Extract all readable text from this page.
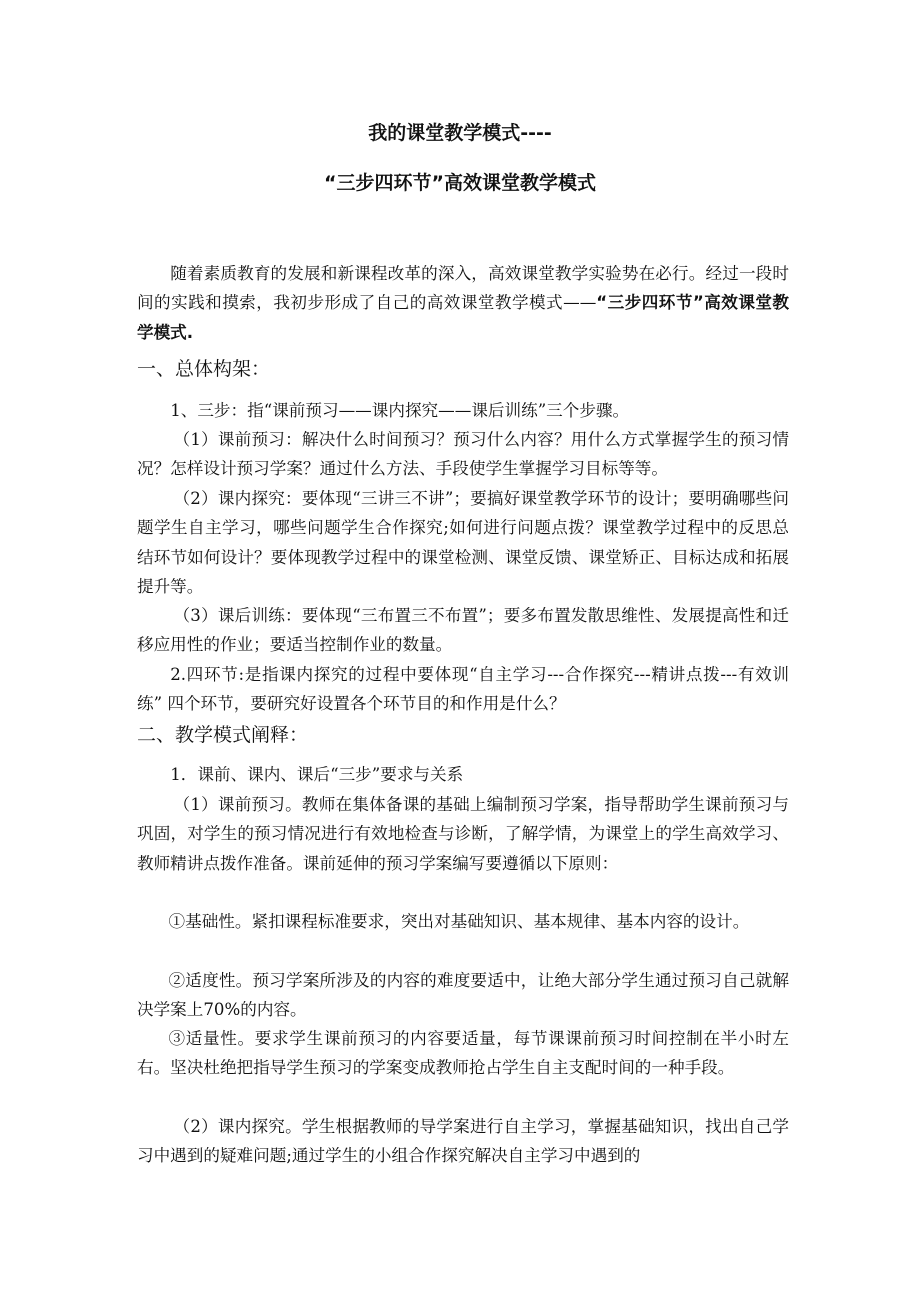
我的课堂教学模式----
“三步四环节”高效课堂教学模式

随着素质教育的发展和新课程改革的深入，高效课堂教学实验势在必行。经过一段时间的实践和摸索，我初步形成了自己的高效课堂教学模式——“三步四环节”高效课堂教学模式.

一、总体构架：

1、三步：指“课前预习——课内探究——课后训练”三个步骤。

（1）课前预习：解决什么时间预习？预习什么内容？用什么方式掌握学生的预习情况？怎样设计预习学案？通过什么方法、手段使学生掌握学习目标等等。

（2）课内探究：要体现“三讲三不讲”；要搞好课堂教学环节的设计；要明确哪些问题学生自主学习，哪些问题学生合作探究;如何进行问题点拨？课堂教学过程中的反思总结环节如何设计？要体现教学过程中的课堂检测、课堂反馈、课堂矫正、目标达成和拓展提升等。

（3）课后训练：要体现“三布置三不布置”；要多布置发散思维性、发展提高性和迁移应用性的作业；要适当控制作业的数量。

2.四环节:是指课内探究的过程中要体现“自主学习---合作探究---精讲点拨---有效训练” 四个环节，要研究好设置各个环节目的和作用是什么？

二、教学模式阐释：

1．课前、课内、课后“三步”要求与关系

（1）课前预习。教师在集体备课的基础上编制预习学案，指导帮助学生课前预习与巩固，对学生的预习情况进行有效地检查与诊断，了解学情，为课堂上的学生高效学习、教师精讲点拨作准备。课前延伸的预习学案编写要遵循以下原则：

①基础性。紧扣课程标准要求，突出对基础知识、基本规律、基本内容的设计。

②适度性。预习学案所涉及的内容的难度要适中，让绝大部分学生通过预习自己就解决学案上70%的内容。

③适量性。要求学生课前预习的内容要适量，每节课课前预习时间控制在半小时左右。坚决杜绝把指导学生预习的学案变成教师抢占学生自主支配时间的一种手段。

（2）课内探究。学生根据教师的导学案进行自主学习，掌握基础知识，找出自己学习中遇到的疑难问题;通过学生的小组合作探究解决自主学习中遇到的
